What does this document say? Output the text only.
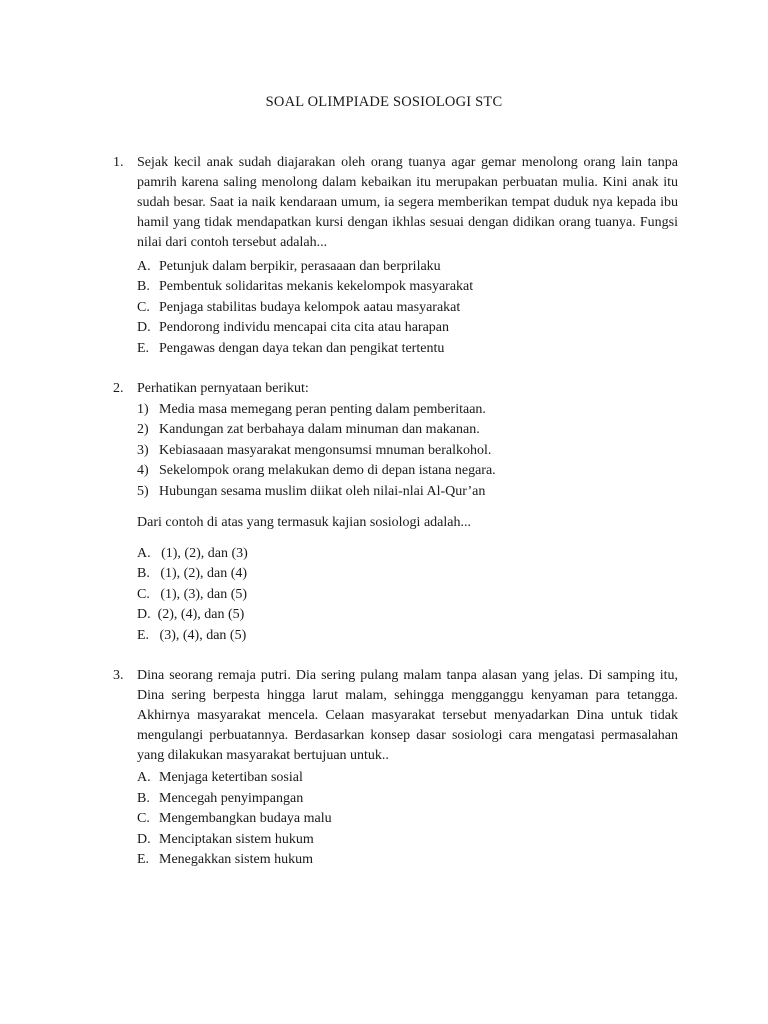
SOAL OLIMPIADE SOSIOLOGI STC
1. Sejak kecil anak sudah diajarakan oleh orang tuanya agar gemar menolong orang lain tanpa pamrih karena saling menolong dalam kebaikan itu merupakan perbuatan mulia. Kini anak itu sudah besar. Saat ia naik kendaraan umum, ia segera memberikan tempat duduk nya kepada ibu hamil yang tidak mendapatkan kursi dengan ikhlas sesuai dengan didikan orang tuanya. Fungsi nilai dari contoh tersebut adalah...
A. Petunjuk dalam berpikir, perasaaan dan berprilaku
B. Pembentuk solidaritas mekanis kekelompok masyarakat
C. Penjaga stabilitas budaya kelompok aatau masyarakat
D. Pendorong individu mencapai cita cita atau harapan
E. Pengawas dengan daya tekan dan pengikat tertentu
2. Perhatikan pernyataan berikut:
1) Media masa memegang peran penting dalam pemberitaan.
2) Kandungan zat berbahaya dalam minuman dan makanan.
3) Kebiasaaan masyarakat mengonsumsi mnuman beralkohol.
4) Sekelompok orang melakukan demo di depan istana negara.
5) Hubungan sesama muslim diikat oleh nilai-nlai Al-Qur’an
Dari contoh di atas yang termasuk kajian sosiologi adalah...
A.   (1), (2), dan (3)
B.   (1), (2), dan (4)
C.   (1), (3), dan (5)
D.  (2), (4), dan (5)
E.   (3), (4), dan (5)
3. Dina seorang remaja putri. Dia sering pulang malam tanpa alasan yang jelas. Di samping itu, Dina sering berpesta hingga larut malam, sehingga mengganggu kenyaman para tetangga. Akhirnya masyarakat mencela. Celaan masyarakat tersebut menyadarkan Dina untuk tidak mengulangi perbuatannya. Berdasarkan konsep dasar sosiologi cara mengatasi permasalahan yang dilakukan masyarakat bertujuan untuk..
A. Menjaga ketertiban sosial
B. Mencegah penyimpangan
C. Mengembangkan budaya malu
D. Menciptakan sistem hukum
E. Menegakkan sistem hukum
